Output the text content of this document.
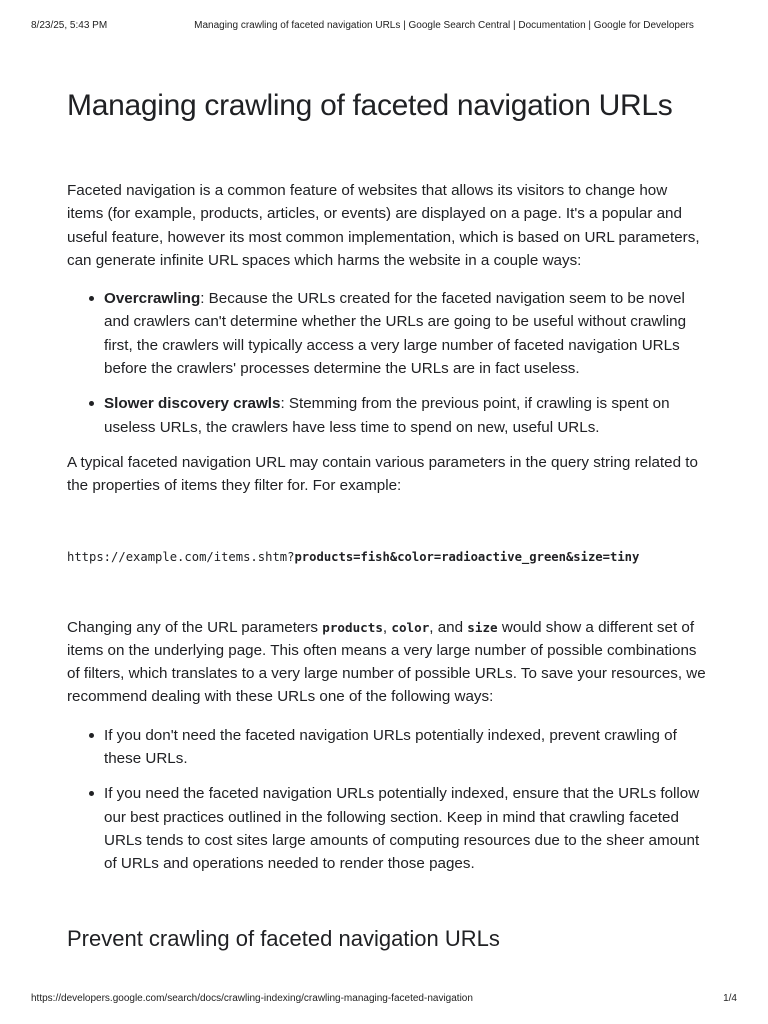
8/23/25, 5:43 PM	Managing crawling of faceted navigation URLs | Google Search Central | Documentation | Google for Developers
Managing crawling of faceted navigation URLs

Faceted navigation is a common feature of websites that allows its visitors to change how items (for example, products, articles, or events) are displayed on a page. It's a popular and useful feature, however its most common implementation, which is based on URL parameters, can generate infinite URL spaces which harms the website in a couple ways:

Overcrawling: Because the URLs created for the faceted navigation seem to be novel and crawlers can't determine whether the URLs are going to be useful without crawling first, the crawlers will typically access a very large number of faceted navigation URLs before the crawlers' processes determine the URLs are in fact useless.
Slower discovery crawls: Stemming from the previous point, if crawling is spent on useless URLs, the crawlers have less time to spend on new, useful URLs.

A typical faceted navigation URL may contain various parameters in the query string related to the properties of items they filter for. For example:

https://example.com/items.shtm?products=fish&color=radioactive_green&size=tiny

Changing any of the URL parameters products, color, and size would show a different set of items on the underlying page. This often means a very large number of possible combinations of filters, which translates to a very large number of possible URLs. To save your resources, we recommend dealing with these URLs one of the following ways:

If you don't need the faceted navigation URLs potentially indexed, prevent crawling of these URLs.
If you need the faceted navigation URLs potentially indexed, ensure that the URLs follow our best practices outlined in the following section. Keep in mind that crawling faceted URLs tends to cost sites large amounts of computing resources due to the sheer amount of URLs and operations needed to render those pages.
Prevent crawling of faceted navigation URLs
https://developers.google.com/search/docs/crawling-indexing/crawling-managing-faceted-navigation	1/4
